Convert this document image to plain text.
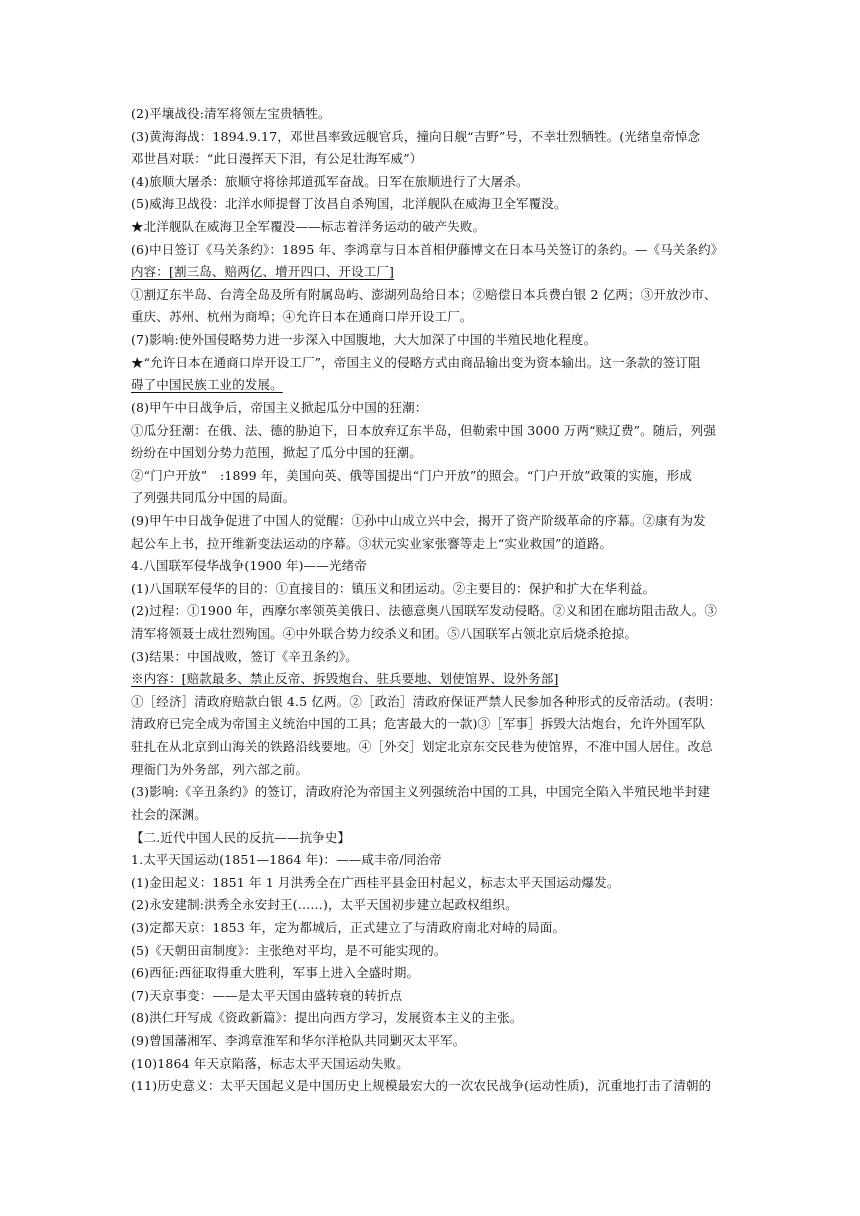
(2)平壤战役:清军将领左宝贵牺牲。
(3)黄海海战：1894.9.17，邓世昌率致远舰官兵，撞向日舰“吉野”号，不幸壮烈牺牲。(光绪皇帝悼念
邓世昌对联：“此日漫挥天下泪，有公足壮海军威”）
(4)旅顺大屠杀：旅顺守将徐邦道孤军奋战。日军在旅顺进行了大屠杀。
(5)威海卫战役：北洋水师提督丁汝昌自杀殉国，北洋舰队在威海卫全军覆没。
★北洋舰队在威海卫全军覆没——标志着洋务运动的破产失败。
(6)中日签订《马关条约》：1895 年、李鸿章与日本首相伊藤博文在日本马关签订的条约。—《马关条约》
内容：[割三岛、赔两亿、增开四口、开设工厂]
①割辽东半岛、台湾全岛及所有附属岛屿、澎湖列岛给日本；②赔偿日本兵费白银 2 亿两；③开放沙市、
重庆、苏州、杭州为商埠；④允许日本在通商口岸开设工厂。
(7)影响:使外国侵略势力进一步深入中国腹地，大大加深了中国的半殖民地化程度。
★“允许日本在通商口岸开设工厂”，帝国主义的侵略方式由商品输出变为资本输出。这一条款的签订阻
碍了中国民族工业的发展。
(8)甲午中日战争后，帝国主义掀起瓜分中国的狂潮：
①瓜分狂潮：在俄、法、德的胁迫下，日本放弃辽东半岛，但勒索中国 3000 万两“赎辽费”。随后，列强
纷纷在中国划分势力范围，掀起了瓜分中国的狂潮。
②“门户开放”　:1899 年，美国向英、俄等国提出“门户开放”的照会。“门户开放”政策的实施，形成
了列强共同瓜分中国的局面。
(9)甲午中日战争促进了中国人的觉醒：①孙中山成立兴中会，揭开了资产阶级革命的序幕。②康有为发
起公车上书，拉开维新变法运动的序幕。③状元实业家张謇等走上“实业救国”的道路。
4.八国联军侵华战争(1900 年)——光绪帝
(1)八国联军侵华的目的：①直接目的：镇压义和团运动。②主要目的：保护和扩大在华利益。
(2)过程：①1900 年，西摩尔率领英美俄日、法德意奥八国联军发动侵略。②义和团在廊坊阻击敌人。③
清军将领聂士成壮烈殉国。④中外联合势力绞杀义和团。⑤八国联军占领北京后烧杀抢掠。
(3)结果：中国战败，签订《辛丑条约》。
※内容：[赔款最多、禁止反帝、拆毁炮台、驻兵要地、划使馆界、设外务部]
①［经济］清政府赔款白银 4.5 亿两。②［政治］清政府保证严禁人民参加各种形式的反帝活动。(表明：
清政府已完全成为帝国主义统治中国的工具；危害最大的一款)③［军事］拆毁大沽炮台，允许外国军队
驻扎在从北京到山海关的铁路沿线要地。④［外交］划定北京东交民巷为使馆界，不准中国人居住。改总
理衙门为外务部，列六部之前。
(3)影响:《辛丑条约》的签订，清政府沦为帝国主义列强统治中国的工具，中国完全陷入半殖民地半封建
社会的深渊。
【二.近代中国人民的反抗——抗争史】
1.太平天国运动(1851—1864 年)：——咸丰帝/同治帝
(1)金田起义：1851 年 1 月洪秀全在广西桂平县金田村起义，标志太平天国运动爆发。
(2)永安建制:洪秀全永安封王(……)，太平天国初步建立起政权组织。
(3)定都天京：1853 年，定为都城后，正式建立了与清政府南北对峙的局面。
(5)《天朝田亩制度》：主张绝对平均，是不可能实现的。
(6)西征:西征取得重大胜利，军事上进入全盛时期。
(7)天京事变：——是太平天国由盛转衰的转折点
(8)洪仁玕写成《资政新篇》：提出向西方学习，发展资本主义的主张。
(9)曾国藩湘军、李鸿章淮军和华尔洋枪队共同剿灭太平军。
(10)1864 年天京陷落，标志太平天国运动失败。
(11)历史意义：太平天国起义是中国历史上规模最宏大的一次农民战争(运动性质)，沉重地打击了清朝的
